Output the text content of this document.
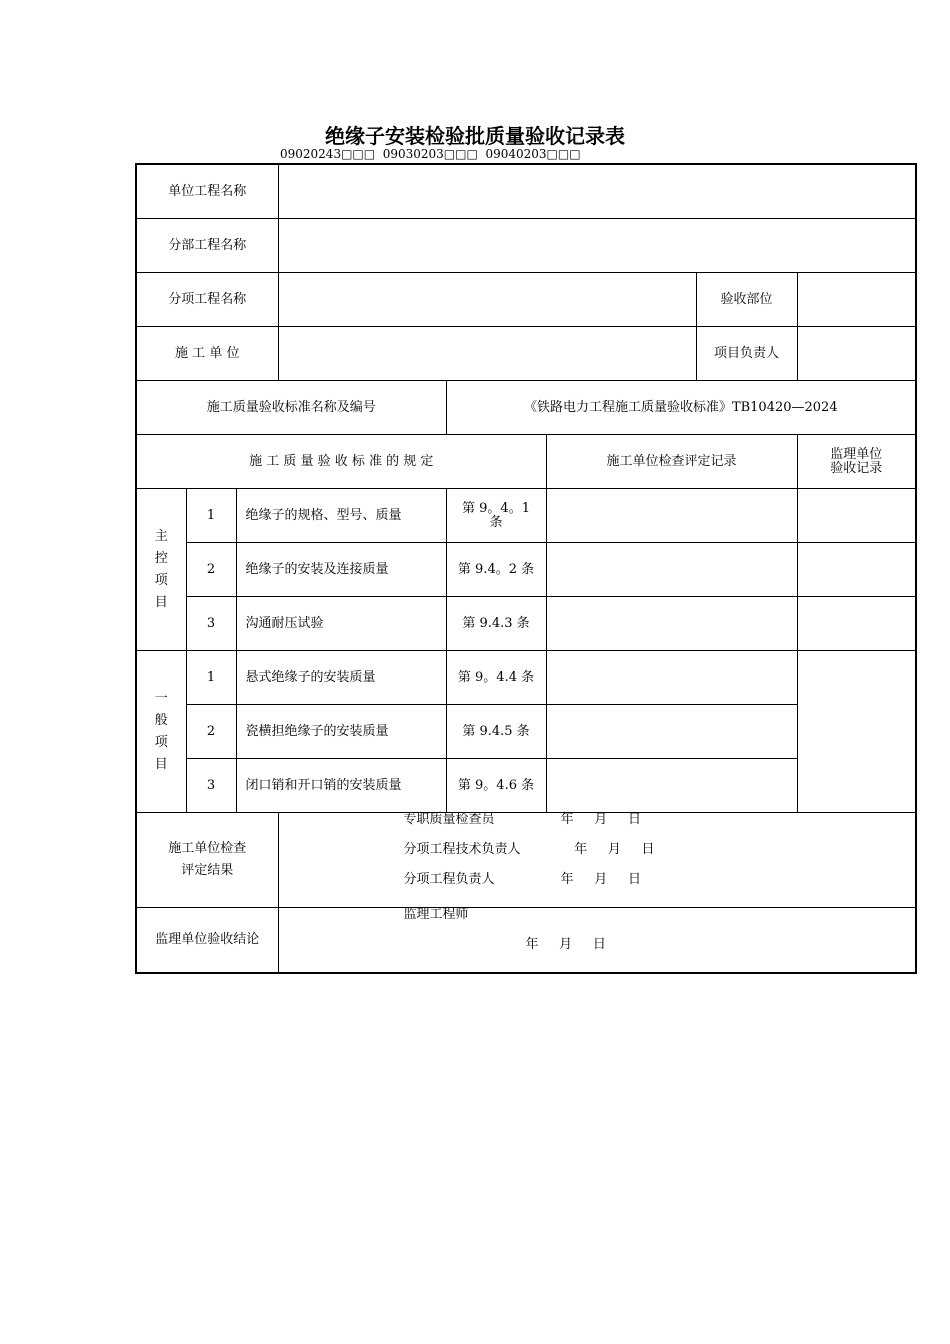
绝缘子安装检验批质量验收记录表
09020243□□□  09030203□□□  09040203□□□
单位工程名称							
分部工程名称							
分项工程名称						验收部位	
施 工 单 位						项目负责人	
施工质量验收标准名称及编号				《铁路电力工程施工质量验收标准》TB10420—2024			
施 工 质 量 验 收 标 准 的 规 定					施工单位检查评定记录		监理单位
验收记录

主
控
项
目	1	绝缘子的规格、型号、质量		第 9。4。1
条			

	2	绝缘子的安装及连接质量		第 9.4。2 条			
	3	沟通耐压试验		第 9.4.3 条			

一
般
项
目	1	悬式绝缘子的安装质量		第 9。4.4 条			
	2	瓷横担绝缘子的安装质量		第 9.4.5 条			
	3	闭口销和开口销的安装质量		第 9。4.6 条			

施工单位检查
评定结果			专职质量检查员                年     月     日
分项工程技术负责人             年     月     日
分项工程负责人                年     月     日				

监理单位验收结论			监理工程师
年     月     日				
